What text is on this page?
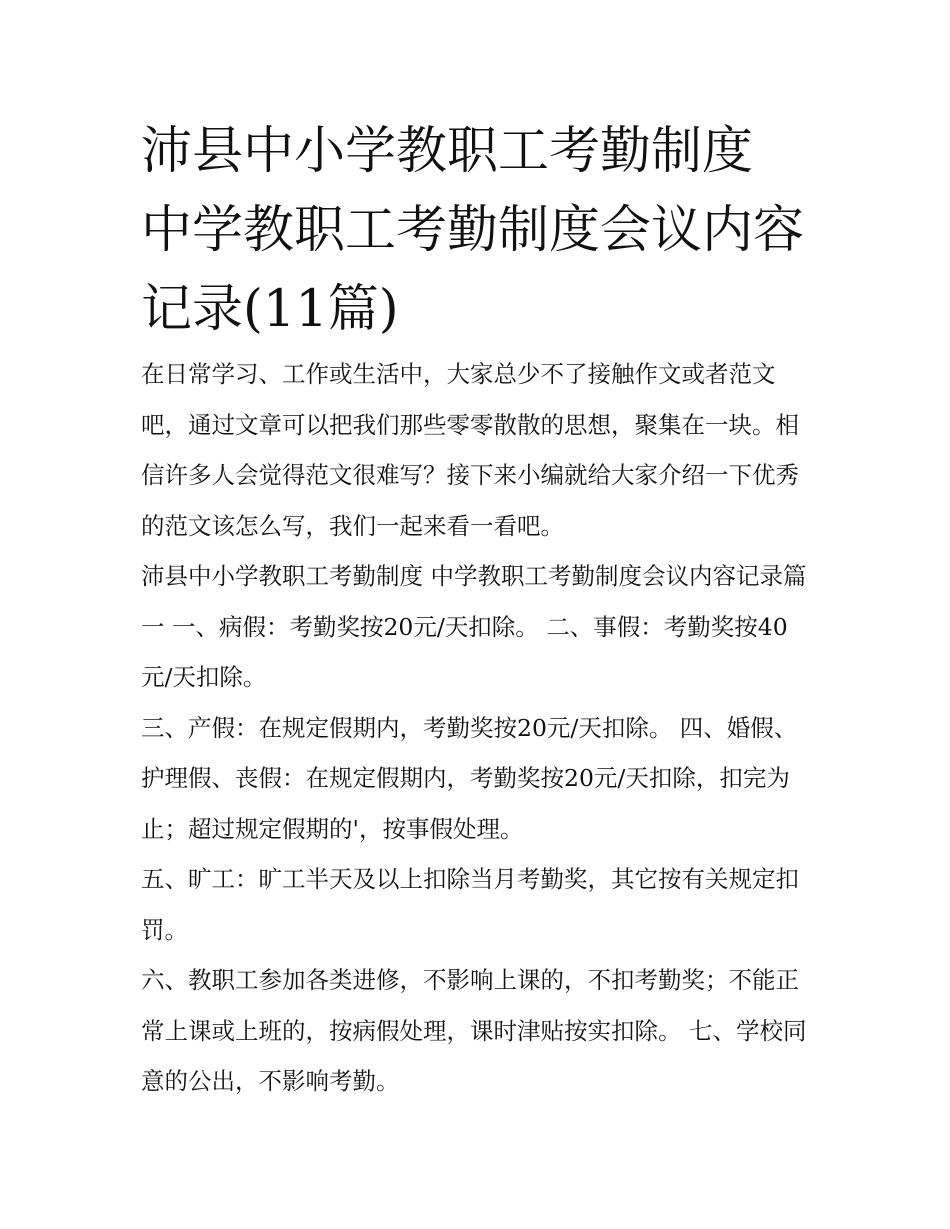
沛县中小学教职工考勤制度 中学教职工考勤制度会议内容记录(11篇)

在日常学习、工作或生活中，大家总少不了接触作文或者范文吧，通过文章可以把我们那些零零散散的思想，聚集在一块。相信许多人会觉得范文很难写？接下来小编就给大家介绍一下优秀的范文该怎么写，我们一起来看一看吧。

沛县中小学教职工考勤制度 中学教职工考勤制度会议内容记录篇一 一、病假：考勤奖按20元/天扣除。 二、事假：考勤奖按40元/天扣除。

三、产假：在规定假期内，考勤奖按20元/天扣除。 四、婚假、护理假、丧假：在规定假期内，考勤奖按20元/天扣除，扣完为止；超过规定假期的'，按事假处理。

五、旷工：旷工半天及以上扣除当月考勤奖，其它按有关规定扣罚。

六、教职工参加各类进修，不影响上课的，不扣考勤奖；不能正常上课或上班的，按病假处理，课时津贴按实扣除。 七、学校同意的公出，不影响考勤。
